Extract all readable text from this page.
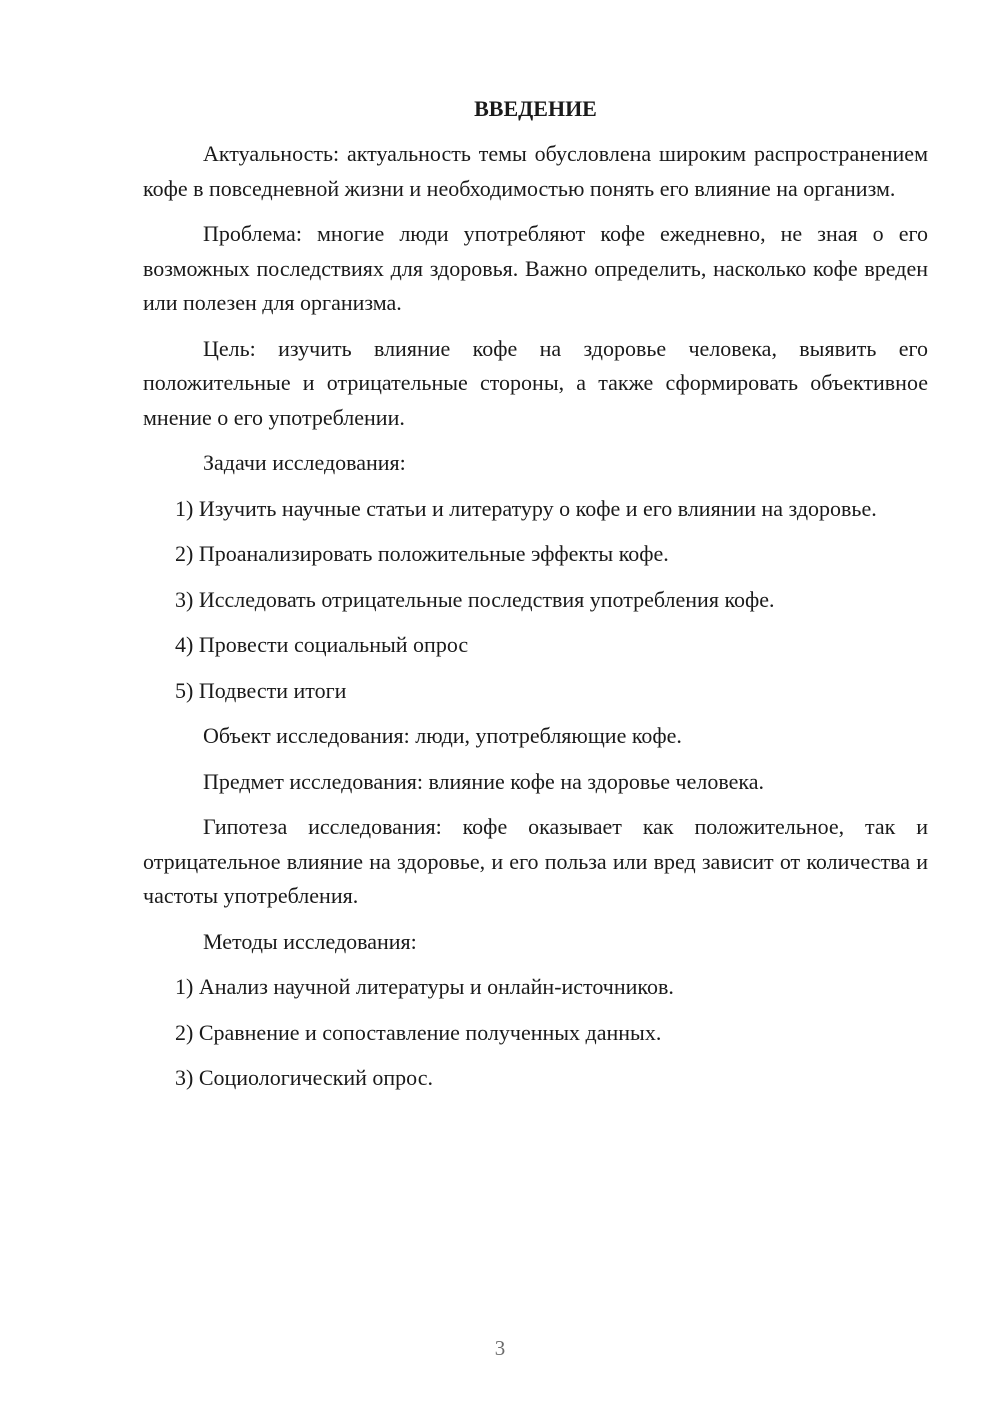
ВВЕДЕНИЕ

Актуальность: актуальность темы обусловлена широким распространением кофе в повседневной жизни и необходимостью понять его влияние на организм.

Проблема: многие люди употребляют кофе ежедневно, не зная о его возможных последствиях для здоровья. Важно определить, насколько кофе вреден или полезен для организма.

Цель: изучить влияние кофе на здоровье человека, выявить его положительные и отрицательные стороны, а также сформировать объективное мнение о его употреблении.

Задачи исследования:

1) Изучить научные статьи и литературу о кофе и его влиянии на здоровье.

2) Проанализировать положительные эффекты кофе.

3) Исследовать отрицательные последствия употребления кофе.

4) Провести социальный опрос

5) Подвести итоги

Объект исследования: люди, употребляющие кофе.

Предмет исследования: влияние кофе на здоровье человека.

Гипотеза исследования: кофе оказывает как положительное, так и отрицательное влияние на здоровье, и его польза или вред зависит от количества и частоты употребления.

Методы исследования:

1) Анализ научной литературы и онлайн-источников.

2) Сравнение и сопоставление полученных данных.

3) Социологический опрос.

3
